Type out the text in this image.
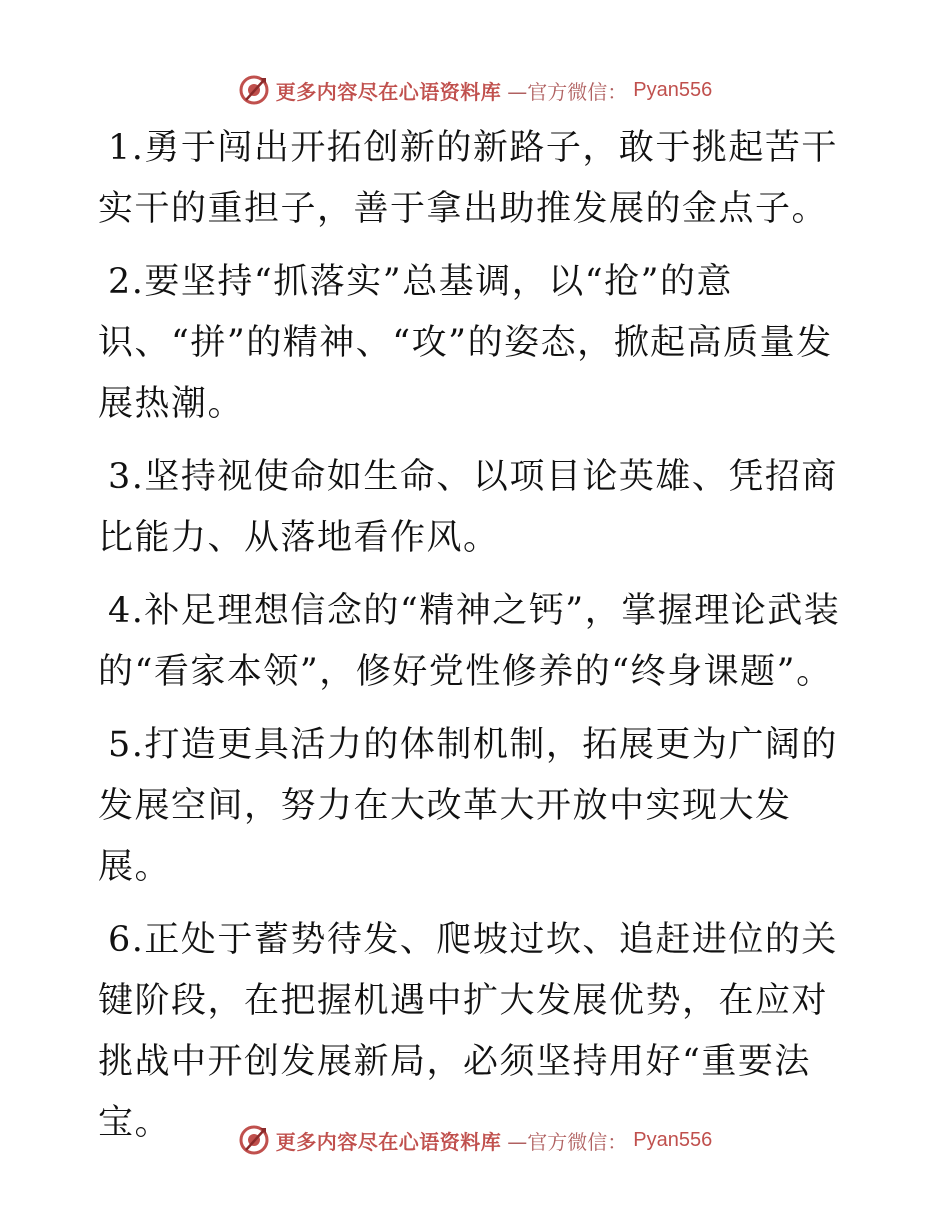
更多内容尽在心语资料库 —官方微信： Pyan556

1.勇于闯出开拓创新的新路子，敢于挑起苦干实干的重担子，善于拿出助推发展的金点子。

2.要坚持“抓落实”总基调，以“抢”的意识、“拼”的精神、“攻”的姿态，掀起高质量发展热潮。

3.坚持视使命如生命、以项目论英雄、凭招商比能力、从落地看作风。

4.补足理想信念的“精神之钙”，掌握理论武装的“看家本领”，修好党性修养的“终身课题”。

5.打造更具活力的体制机制，拓展更为广阔的发展空间，努力在大改革大开放中实现大发展。

6.正处于蓄势待发、爬坡过坎、追赶进位的关键阶段，在把握机遇中扩大发展优势，在应对挑战中开创发展新局，必须坚持用好“重要法宝。	更多内容尽在心语资料库 —官方微信： Pyan556
